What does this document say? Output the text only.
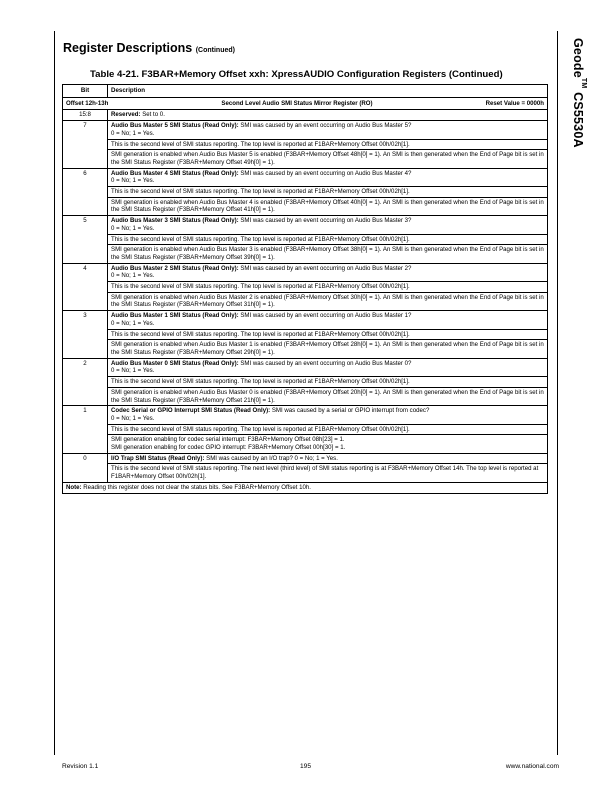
Geode™ CS5530A
Register Descriptions (Continued)
Table 4-21. F3BAR+Memory Offset xxh: XpressAUDIO Configuration Registers (Continued)
Bit	Description

Offset 12h-13h Second Level Audio SMI Status Mirror Register (RO) Reset Value = 0000h	

15:8	Reserved: Set to 0.

7	Audio Bus Master 5 SMI Status (Read Only): SMI was caused by an event occurring on Audio Bus Master 5?
0 = No; 1 = Yes.
This is the second level of SMI status reporting. The top level is reported at F1BAR+Memory Offset 00h/02h[1].
SMI generation is enabled when Audio Bus Master 5 is enabled (F3BAR+Memory Offset 48h[0] = 1). An SMI is then generated when the End of Page bit is set in the SMI Status Register (F3BAR+Memory Offset 49h[0] = 1).

6	Audio Bus Master 4 SMI Status (Read Only): SMI was caused by an event occurring on Audio Bus Master 4?
0 = No; 1 = Yes.
This is the second level of SMI status reporting. The top level is reported at F1BAR+Memory Offset 00h/02h[1].
SMI generation is enabled when Audio Bus Master 4 is enabled (F3BAR+Memory Offset 40h[0] = 1). An SMI is then generated when the End of Page bit is set in the SMI Status Register (F3BAR+Memory Offset 41h[0] = 1).

5	Audio Bus Master 3 SMI Status (Read Only): SMI was caused by an event occurring on Audio Bus Master 3?
0 = No; 1 = Yes.
This is the second level of SMI status reporting. The top level is reported at F1BAR+Memory Offset 00h/02h[1].
SMI generation is enabled when Audio Bus Master 3 is enabled (F3BAR+Memory Offset 38h[0] = 1). An SMI is then generated when the End of Page bit is set in the SMI Status Register (F3BAR+Memory Offset 39h[0] = 1).

4	Audio Bus Master 2 SMI Status (Read Only): SMI was caused by an event occurring on Audio Bus Master 2?
0 = No; 1 = Yes.
This is the second level of SMI status reporting. The top level is reported at F1BAR+Memory Offset 00h/02h[1].
SMI generation is enabled when Audio Bus Master 2 is enabled (F3BAR+Memory Offset 30h[0] = 1). An SMI is then generated when the End of Page bit is set in the SMI Status Register (F3BAR+Memory Offset 31h[0] = 1).

3	Audio Bus Master 1 SMI Status (Read Only): SMI was caused by an event occurring on Audio Bus Master 1?
0 = No; 1 = Yes.
This is the second level of SMI status reporting. The top level is reported at F1BAR+Memory Offset 00h/02h[1].
SMI generation is enabled when Audio Bus Master 1 is enabled (F3BAR+Memory Offset 28h[0] = 1). An SMI is then generated when the End of Page bit is set in the SMI Status Register (F3BAR+Memory Offset 29h[0] = 1).

2	Audio Bus Master 0 SMI Status (Read Only): SMI was caused by an event occurring on Audio Bus Master 0?
0 = No; 1 = Yes.
This is the second level of SMI status reporting. The top level is reported at F1BAR+Memory Offset 00h/02h[1].
SMI generation is enabled when Audio Bus Master 0 is enabled (F3BAR+Memory Offset 20h[0] = 1). An SMI is then generated when the End of Page bit is set in the SMI Status Register (F3BAR+Memory Offset 21h[0] = 1).

1	Codec Serial or GPIO Interrupt SMI Status (Read Only): SMI was caused by a serial or GPIO interrupt from codec?
0 = No; 1 = Yes.
This is the second level of SMI status reporting. The top level is reported at F1BAR+Memory Offset 00h/02h[1].
SMI generation enabling for codec serial interrupt: F3BAR+Memory Offset 08h[23] = 1.
SMI generation enabling for codec GPIO interrupt: F3BAR+Memory Offset 00h[30] = 1.

0	I/O Trap SMI Status (Read Only): SMI was caused by an I/O trap? 0 = No; 1 = Yes.
This is the second level of SMI status reporting. The next level (third level) of SMI status reporting is at F3BAR+Memory Offset 14h. The top level is reported at F1BAR+Memory Offset 00h/02h[1].

Note: Reading this register does not clear the status bits. See F3BAR+Memory Offset 10h.	
Revision 1.1	195	www.national.com
